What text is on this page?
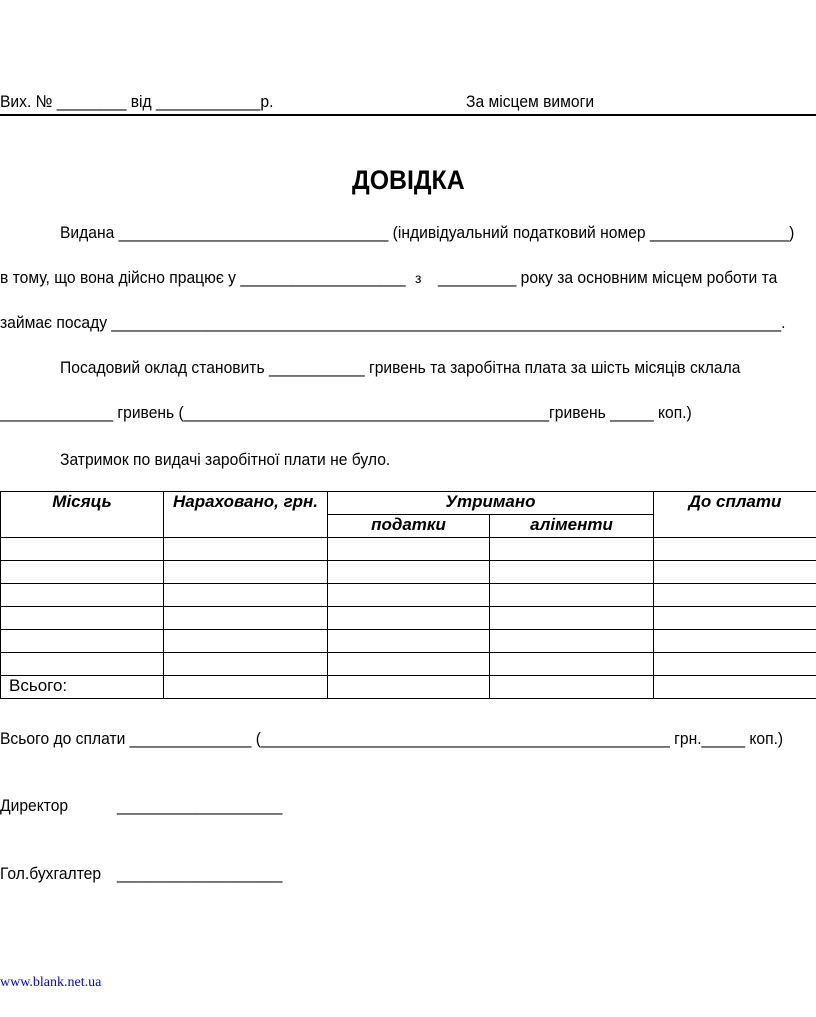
Вих. № ________ від ____________р.	За місцем вимоги
ДОВІДКА
Видана _______________________________ (індивідуальний податковий номер ________________)
в тому, що вона дійсно працює у ___________________ з _________ року за основним місцем роботи та
займає посаду _____________________________________________________________________________.
Посадовий оклад становить ___________ гривень та заробітна плата за шість місяців склала
_____________ гривень (__________________________________________гривень _____ коп.)
Затримок по видачі заробітної плати не було.
Місяць	Нараховано, грн.	Утримано		До сплати
		податки	аліменти	

Всього:				
Всього до сплати ______________ (_______________________________________________ грн._____ коп.)
Директор	___________________
Гол.бухгалтер ___________________
www.blank.net.ua
